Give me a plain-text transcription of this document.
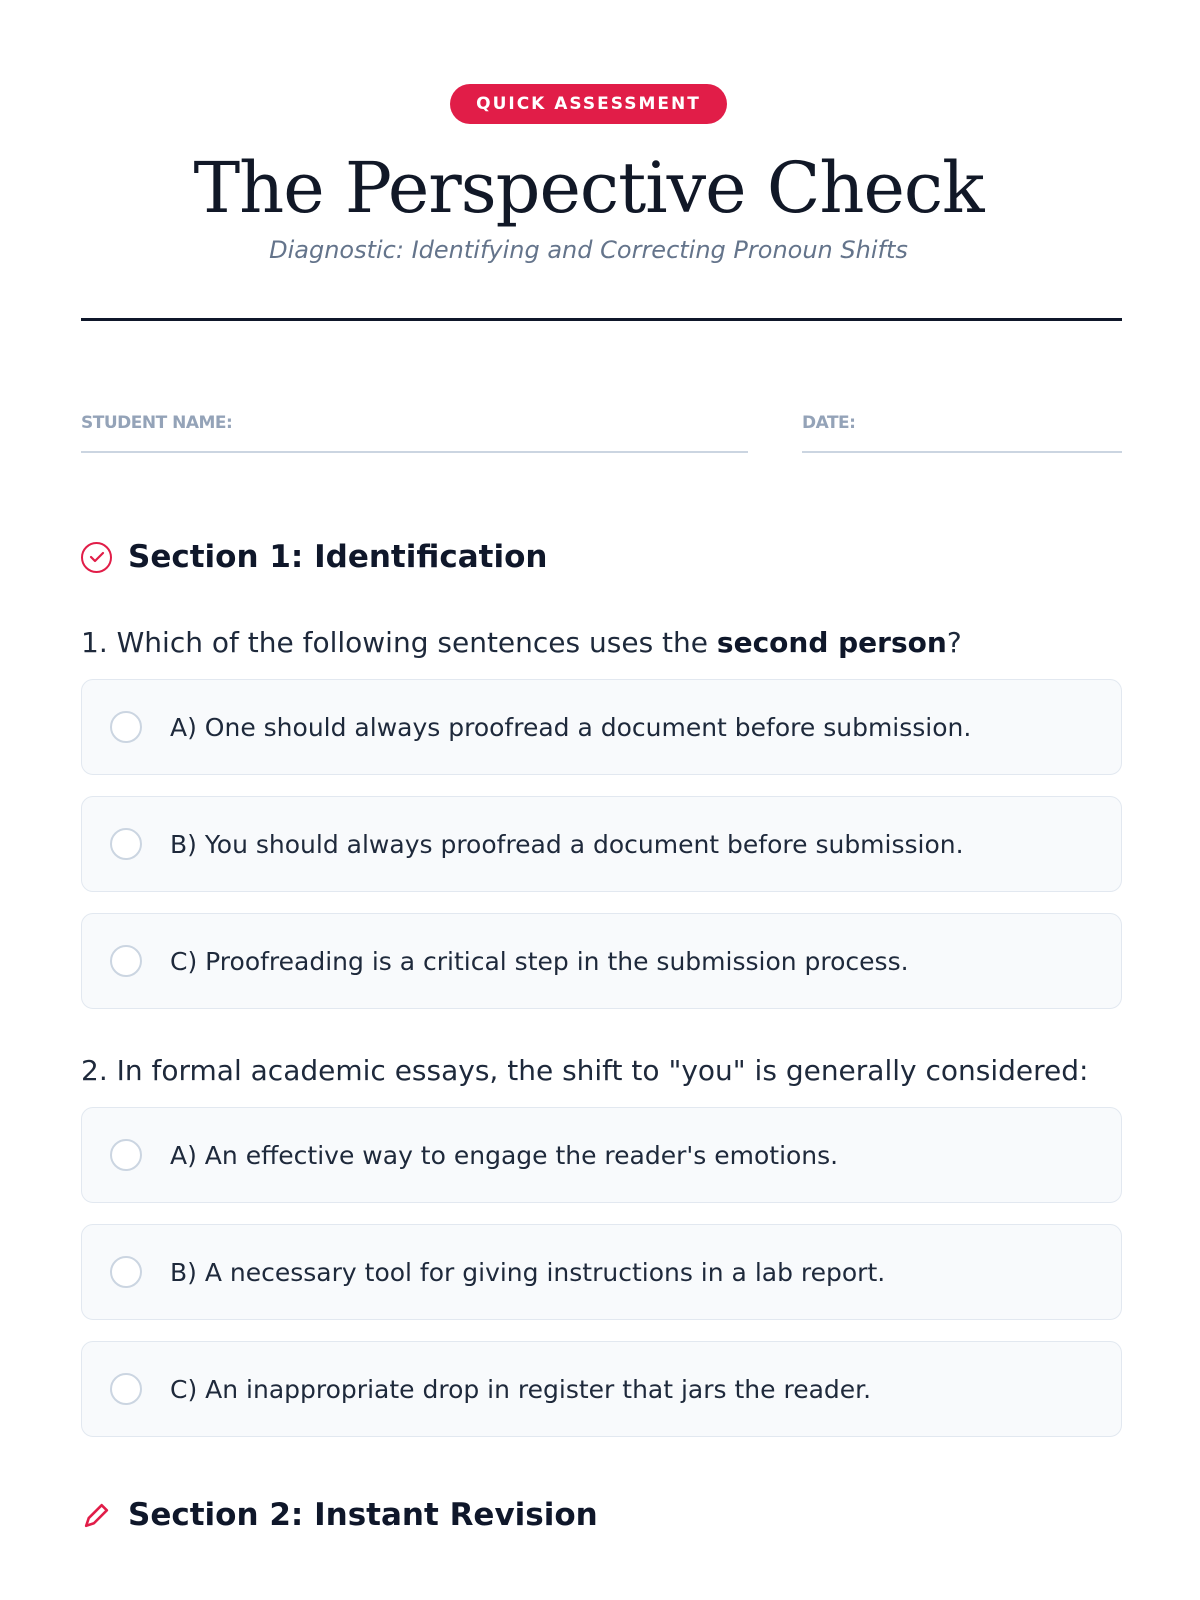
QUICK ASSESSMENT
The Perspective Check
Diagnostic: Identifying and Correcting Pronoun Shifts
STUDENT NAME:	DATE:
Section 1: Identification
1. Which of the following sentences uses the second person?
A) One should always proofread a document before submission.
B) You should always proofread a document before submission.
C) Proofreading is a critical step in the submission process.
2. In formal academic essays, the shift to "you" is generally considered:
A) An effective way to engage the reader's emotions.
B) A necessary tool for giving instructions in a lab report.
C) An inappropriate drop in register that jars the reader.
Section 2: Instant Revision
